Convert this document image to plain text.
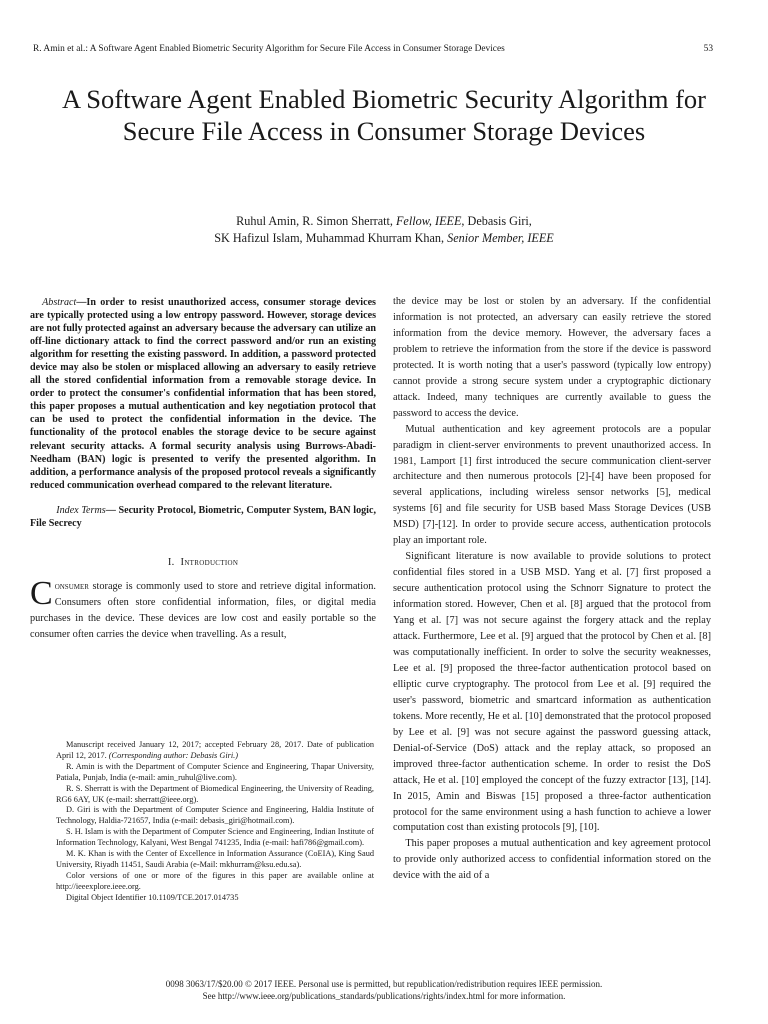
R. Amin et al.: A Software Agent Enabled Biometric Security Algorithm for Secure File Access in Consumer Storage Devices	53
A Software Agent Enabled Biometric Security Algorithm for Secure File Access in Consumer Storage Devices
Ruhul Amin, R. Simon Sherratt, Fellow, IEEE, Debasis Giri,
SK Hafizul Islam, Muhammad Khurram Khan, Senior Member, IEEE

Abstract—In order to resist unauthorized access, consumer storage devices are typically protected using a low entropy password. However, storage devices are not fully protected against an adversary because the adversary can utilize an off-line dictionary attack to find the correct password and/or run an existing algorithm for resetting the existing password. In addition, a password protected device may also be stolen or misplaced allowing an adversary to easily retrieve all the stored confidential information from a removable storage device. In order to protect the consumer's confidential information that has been stored, this paper proposes a mutual authentication and key negotiation protocol that can be used to protect the confidential information in the device. The functionality of the protocol enables the storage device to be secure against relevant security attacks. A formal security analysis using Burrows-Abadi-Needham (BAN) logic is presented to verify the presented algorithm. In addition, a performance analysis of the proposed protocol reveals a significantly reduced communication overhead compared to the relevant literature.

Index Terms— Security Protocol, Biometric, Computer System, BAN logic, File Secrecy

I. Introduction

Consumer storage is commonly used to store and retrieve digital information. Consumers often store confidential information, files, or digital media purchases in the device. These devices are low cost and easily portable so the consumer often carries the device when travelling. As a result,

Manuscript received January 12, 2017; accepted February 28, 2017. Date of publication April 12, 2017. (Corresponding author: Debasis Giri.)

R. Amin is with the Department of Computer Science and Engineering, Thapar University, Patiala, Punjab, India (e-mail: amin_ruhul@live.com).

R. S. Sherratt is with the Department of Biomedical Engineering, the University of Reading, RG6 6AY, UK (e-mail: sherratt@ieee.org).

D. Giri is with the Department of Computer Science and Engineering, Haldia Institute of Technology, Haldia-721657, India (e-mail: debasis_giri@hotmail.com).

S. H. Islam is with the Department of Computer Science and Engineering, Indian Institute of Information Technology, Kalyani, West Bengal 741235, India (e-mail: hafi786@gmail.com).

M. K. Khan is with the Center of Excellence in Information Assurance (CoEIA), King Saud University, Riyadh 11451, Saudi Arabia (e-Mail: mkhurram@ksu.edu.sa).

Color versions of one or more of the figures in this paper are available online at http://ieeexplore.ieee.org.

Digital Object Identifier 10.1109/TCE.2017.014735

the device may be lost or stolen by an adversary. If the confidential information is not protected, an adversary can easily retrieve the stored information from the device memory. However, the adversary faces a problem to retrieve the information from the store if the device is password protected. It is worth noting that a user's password (typically low entropy) cannot provide a strong secure system under a cryptographic dictionary attack. Indeed, many techniques are currently available to guess the password to access the device.

Mutual authentication and key agreement protocols are a popular paradigm in client-server environments to prevent unauthorized access. In 1981, Lamport [1] first introduced the secure communication client-server architecture and then numerous protocols [2]-[4] have been proposed for several applications, including wireless sensor networks [5], medical systems [6] and file security for USB based Mass Storage Devices (USB MSD) [7]-[12]. In order to provide secure access, authentication protocols play an important role.

Significant literature is now available to provide solutions to protect confidential files stored in a USB MSD. Yang et al. [7] first proposed a secure authentication protocol using the Schnorr Signature to protect the information stored. However, Chen et al. [8] argued that the protocol from Yang et al. [7] was not secure against the forgery attack and the replay attack. Furthermore, Lee et al. [9] argued that the protocol by Chen et al. [8] was computationally inefficient. In order to solve the security weaknesses, Lee et al. [9] proposed the three-factor authentication protocol based on elliptic curve cryptography. The protocol from Lee et al. [9] required the user's password, biometric and smartcard information as authentication tokens. More recently, He et al. [10] demonstrated that the protocol proposed by Lee et al. [9] was not secure against the password guessing attack, Denial-of-Service (DoS) attack and the replay attack, so proposed an improved three-factor authentication scheme. In order to resist the DoS attack, He et al. [10] employed the concept of the fuzzy extractor [13], [14]. In 2015, Amin and Biswas [15] proposed a three-factor authentication protocol for the same environment using a hash function to achieve a lower computation cost than existing protocols [9], [10].

This paper proposes a mutual authentication and key agreement protocol to provide only authorized access to confidential information stored on the device with the aid of a

0098 3063/17/$20.00 © 2017 IEEE. Personal use is permitted, but republication/redistribution requires IEEE permission.
See http://www.ieee.org/publications_standards/publications/rights/index.html for more information.
